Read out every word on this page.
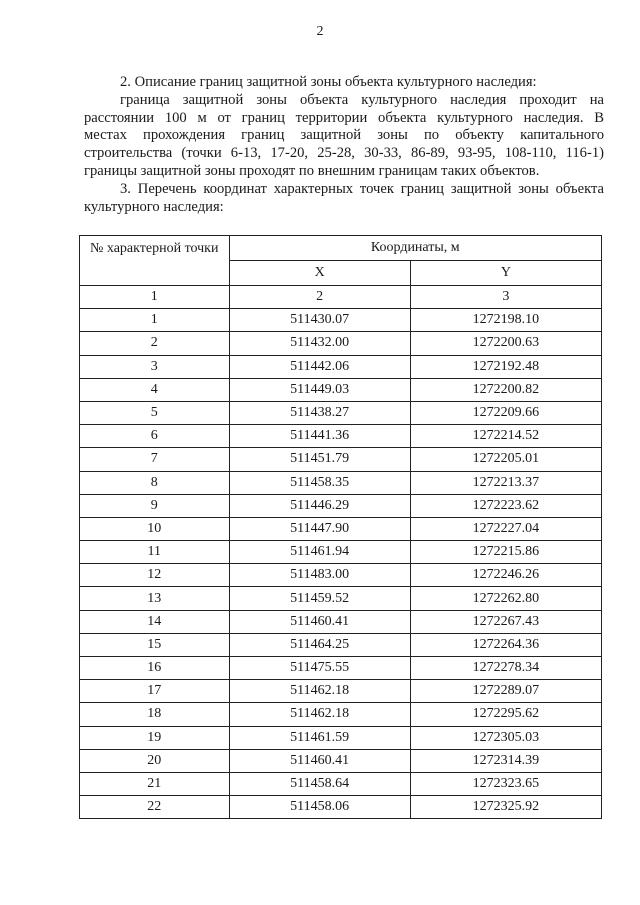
2

2. Описание границ защитной зоны объекта культурного наследия:

граница защитной зоны объекта культурного наследия проходит на

расстоянии 100 м от границ территории объекта культурного наследия. В

местах прохождения границ защитной зоны по объекту капитального

строительства (точки 6-13, 17-20, 25-28, 30-33, 86-89, 93-95, 108-110, 116-1)

границы защитной зоны проходят по внешним границам таких объектов.

3. Перечень координат характерных точек границ защитной зоны объекта

культурного наследия:

№ характерной точки	Координаты, м	
	X	Y
1	2	3
1	511430.07	1272198.10
2	511432.00	1272200.63
3	511442.06	1272192.48
4	511449.03	1272200.82
5	511438.27	1272209.66
6	511441.36	1272214.52
7	511451.79	1272205.01
8	511458.35	1272213.37
9	511446.29	1272223.62
10	511447.90	1272227.04
11	511461.94	1272215.86
12	511483.00	1272246.26
13	511459.52	1272262.80
14	511460.41	1272267.43
15	511464.25	1272264.36
16	511475.55	1272278.34
17	511462.18	1272289.07
18	511462.18	1272295.62
19	511461.59	1272305.03
20	511460.41	1272314.39
21	511458.64	1272323.65
22	511458.06	1272325.92
